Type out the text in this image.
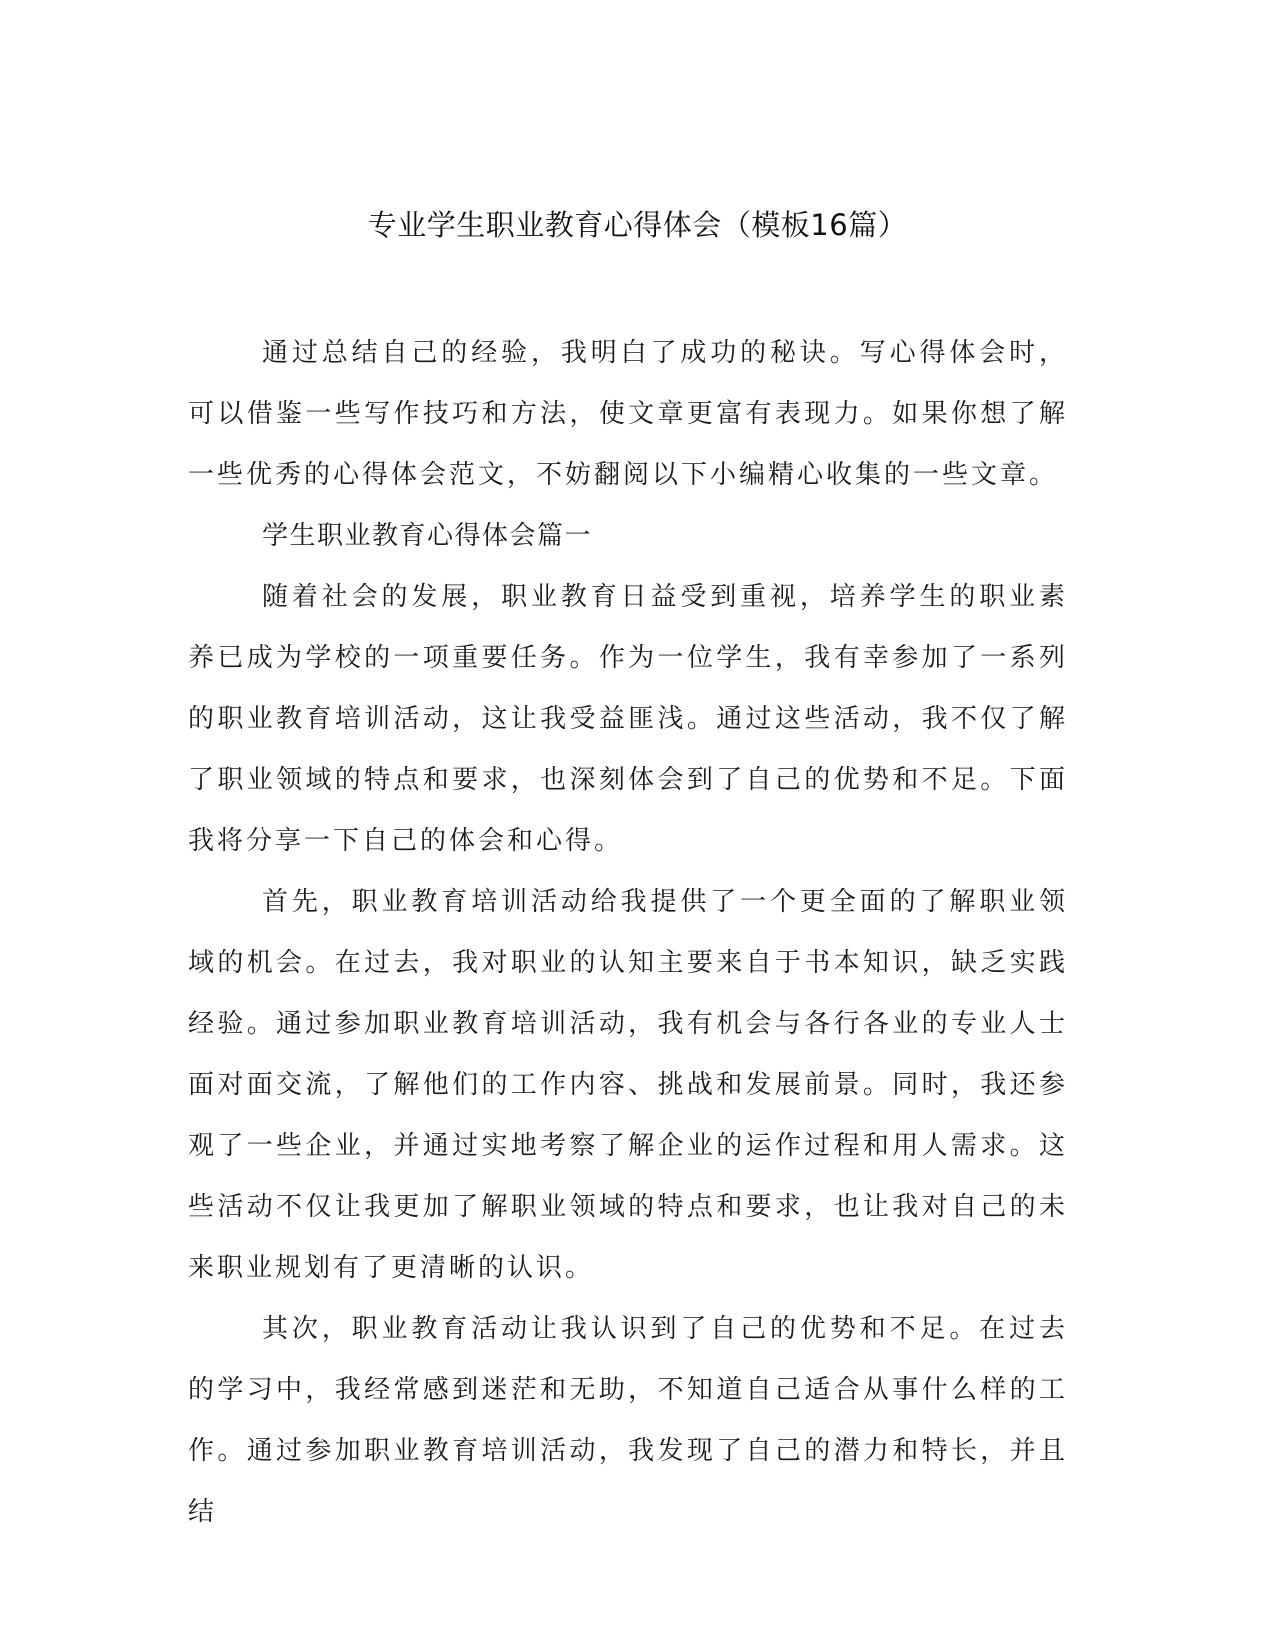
专业学生职业教育心得体会（模板16篇）

通过总结自己的经验，我明白了成功的秘诀。写心得体会时，可以借鉴一些写作技巧和方法，使文章更富有表现力。如果你想了解一些优秀的心得体会范文，不妨翻阅以下小编精心收集的一些文章。

学生职业教育心得体会篇一

随着社会的发展，职业教育日益受到重视，培养学生的职业素养已成为学校的一项重要任务。作为一位学生，我有幸参加了一系列的职业教育培训活动，这让我受益匪浅。通过这些活动，我不仅了解了职业领域的特点和要求，也深刻体会到了自己的优势和不足。下面我将分享一下自己的体会和心得。

首先，职业教育培训活动给我提供了一个更全面的了解职业领域的机会。在过去，我对职业的认知主要来自于书本知识，缺乏实践经验。通过参加职业教育培训活动，我有机会与各行各业的专业人士面对面交流，了解他们的工作内容、挑战和发展前景。同时，我还参观了一些企业，并通过实地考察了解企业的运作过程和用人需求。这些活动不仅让我更加了解职业领域的特点和要求，也让我对自己的未来职业规划有了更清晰的认识。

其次，职业教育活动让我认识到了自己的优势和不足。在过去的学习中，我经常感到迷茫和无助，不知道自己适合从事什么样的工作。通过参加职业教育培训活动，我发现了自己的潜力和特长，并且结
